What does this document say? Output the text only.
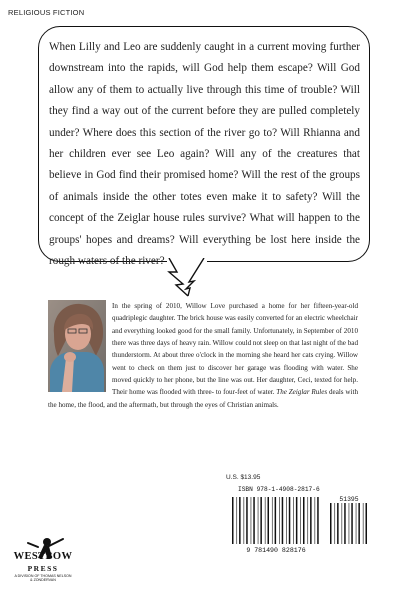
RELIGIOUS FICTION

When Lilly and Leo are suddenly caught in a current moving further downstream into the rapids, will God help them escape? Will God allow any of them to actually live through this time of trouble? Will they find a way out of the current before they are pulled completely under? Where does this section of the river go to? Will Rhianna and her children ever see Leo again? Will any of the creatures that believe in God find their promised home? Will the rest of the groups of animals inside the other totes even make it to safety? Will the concept of the Zeiglar house rules survive? What will happen to the groups' hopes and dreams? Will everything be lost here inside the rough waters of the river?

In the spring of 2010, Willow Love purchased a home for her fifteen-year-old quadriplegic daughter. The brick house was easily converted for an electric wheelchair and everything looked good for the small family. Unfortunately, in September of 2010 there was three days of heavy rain. Willow could not sleep on that last night of the bad thunderstorm. At about three o'clock in the morning she heard her cats crying. Willow went to check on them just to discover her garage was flooding with water. She moved quickly to her phone, but the line was out. Her daughter, Ceci, texted for help. Their home was flooded with three- to four-feet of water. The Zeiglar Rules deals with the home, the flood, and the aftermath, but through the eyes of Christian animals.

U.S. $13.95
ISBN 978-1-4908-2817-6
51395
9 781490 828176
WESTBOW
PRESS
A DIVISION OF THOMAS NELSON
& ZONDERVAN
